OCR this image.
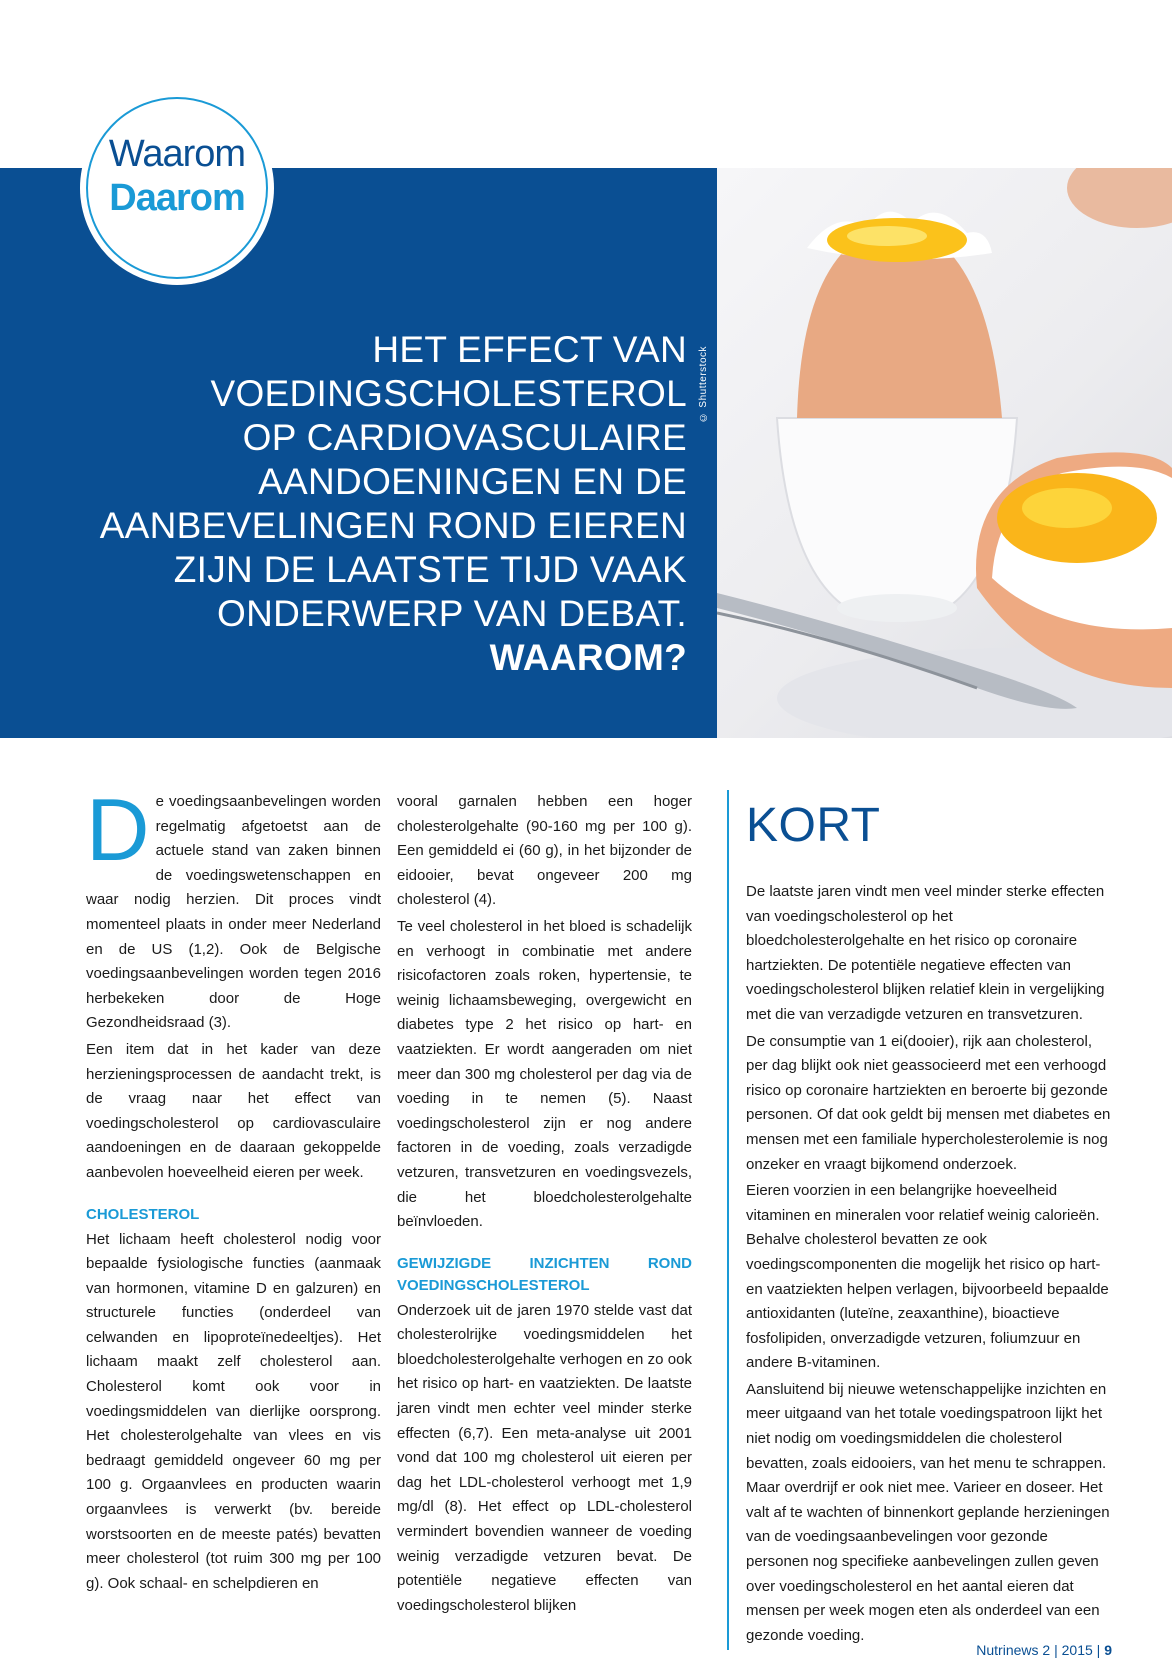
HET EFFECT VAN
VOEDINGSCHOLESTEROL
OP CARDIOVASCULAIRE
AANDOENINGEN EN DE
AANBEVELINGEN ROND EIEREN
ZIJN DE LAATSTE TIJD VAAK
ONDERWERP VAN DEBAT.
WAAROM?
© Shutterstock
Waarom
Daarom

De voedingsaanbevelingen worden regelmatig afgetoetst aan de actuele stand van zaken binnen de voedingswetenschappen en waar nodig herzien. Dit proces vindt momenteel plaats in onder meer Nederland en de US (1,2). Ook de Belgische voedingsaanbevelingen worden tegen 2016 herbekeken door de Hoge Gezondheidsraad (3).

Een item dat in het kader van deze herzieningsprocessen de aandacht trekt, is de vraag naar het effect van voedingscholesterol op cardiovasculaire aandoeningen en de daaraan gekoppelde aanbevolen hoeveelheid eieren per week.

CHOLESTEROL

Het lichaam heeft cholesterol nodig voor bepaalde fysiologische functies (aanmaak van hormonen, vitamine D en galzuren) en structurele functies (onderdeel van celwanden en lipoproteïnedeeltjes). Het lichaam maakt zelf cholesterol aan. Cholesterol komt ook voor in voedingsmiddelen van dierlijke oorsprong. Het cholesterolgehalte van vlees en vis bedraagt gemiddeld ongeveer 60 mg per 100 g. Orgaanvlees en producten waarin orgaanvlees is verwerkt (bv. bereide worstsoorten en de meeste patés) bevatten meer cholesterol (tot ruim 300 mg per 100 g). Ook schaal- en schelpdieren en

vooral garnalen hebben een hoger cholesterolgehalte (90-160 mg per 100 g). Een gemiddeld ei (60 g), in het bijzonder de eidooier, bevat ongeveer 200 mg cholesterol (4).

Te veel cholesterol in het bloed is schadelijk en verhoogt in combinatie met andere risicofactoren zoals roken, hypertensie, te weinig lichaamsbeweging, overgewicht en diabetes type 2 het risico op hart- en vaatziekten. Er wordt aangeraden om niet meer dan 300 mg cholesterol per dag via de voeding in te nemen (5). Naast voedingscholesterol zijn er nog andere factoren in de voeding, zoals verzadigde vetzuren, transvetzuren en voedingsvezels, die het bloedcholesterolgehalte beïnvloeden.

GEWIJZIGDE INZICHTEN ROND VOEDINGSCHOLESTEROL

Onderzoek uit de jaren 1970 stelde vast dat cholesterolrijke voedingsmiddelen het bloedcholesterolgehalte verhogen en zo ook het risico op hart- en vaatziekten. De laatste jaren vindt men echter veel minder sterke effecten (6,7). Een meta-analyse uit 2001 vond dat 100 mg cholesterol uit eieren per dag het LDL-cholesterol verhoogt met 1,9 mg/dl (8). Het effect op LDL-cholesterol vermindert bovendien wanneer de voeding weinig verzadigde vetzuren bevat. De potentiële negatieve effecten van voedingscholesterol blijken

KORT

De laatste jaren vindt men veel minder sterke effecten van voedingscholesterol op het bloedcholesterolgehalte en het risico op coronaire hartziekten. De potentiële negatieve effecten van voedingscholesterol blijken relatief klein in vergelijking met die van verzadigde vetzuren en transvetzuren.

De consumptie van 1 ei(dooier), rijk aan cholesterol, per dag blijkt ook niet geassocieerd met een verhoogd risico op coronaire hartziekten en beroerte bij gezonde personen. Of dat ook geldt bij mensen met diabetes en mensen met een familiale hypercholesterolemie is nog onzeker en vraagt bijkomend onderzoek.

Eieren voorzien in een belangrijke hoeveelheid vitaminen en mineralen voor relatief weinig calorieën. Behalve cholesterol bevatten ze ook voedingscomponenten die mogelijk het risico op hart- en vaatziekten helpen verlagen, bijvoorbeeld bepaalde antioxidanten (luteïne, zeaxanthine), bioactieve fosfolipiden, onverzadigde vetzuren, foliumzuur en andere B-vitaminen.

Aansluitend bij nieuwe wetenschappelijke inzichten en meer uitgaand van het totale voedingspatroon lijkt het niet nodig om voedingsmiddelen die cholesterol bevatten, zoals eidooiers, van het menu te schrappen. Maar overdrijf er ook niet mee. Varieer en doseer. Het valt af te wachten of binnenkort geplande herzieningen van de voedingsaanbevelingen voor gezonde personen nog specifieke aanbevelingen zullen geven over voedingscholesterol en het aantal eieren dat mensen per week mogen eten als onderdeel van een gezonde voeding.

Nutrinews 2 | 2015 | 9
